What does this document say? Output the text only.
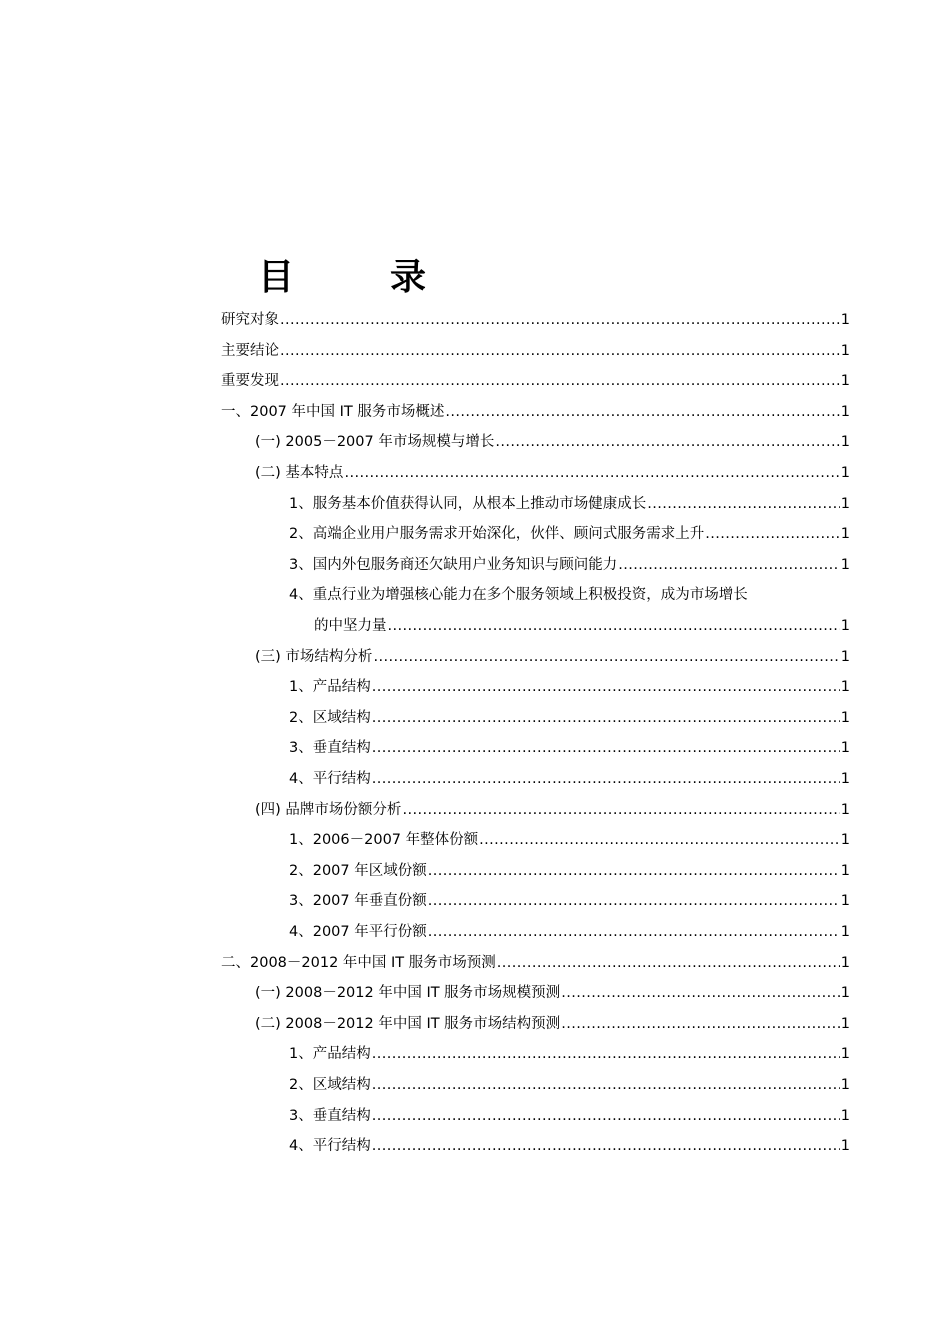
目　录
研究对象 .....	1
主要结论 .....	1
重要发现 .....	1
一、2007 年中国 IT 服务市场概述 .....	1
(一) 2005－2007 年市场规模与增长 .....	1
(二) 基本特点 .....	1
1、服务基本价值获得认同，从根本上推动市场健康成长 .....	1
2、高端企业用户服务需求开始深化，伙伴、顾问式服务需求上升 .....	1
3、国内外包服务商还欠缺用户业务知识与顾问能力 .....	1
4、重点行业为增强核心能力在多个服务领域上积极投资，成为市场增长
的中坚力量 .....	1
(三) 市场结构分析 .....	1
1、产品结构 .....	1
2、区域结构 .....	1
3、垂直结构 .....	1
4、平行结构 .....	1
(四) 品牌市场份额分析 .....	1
1、2006－2007 年整体份额 .....	1
2、2007 年区域份额 .....	1
3、2007 年垂直份额 .....	1
4、2007 年平行份额 .....	1
二、2008－2012 年中国 IT 服务市场预测 .....	1
(一) 2008－2012 年中国 IT 服务市场规模预测 .....	1
(二) 2008－2012 年中国 IT 服务市场结构预测 .....	1
1、产品结构 .....	1
2、区域结构 .....	1
3、垂直结构 .....	1
4、平行结构 .....	1
